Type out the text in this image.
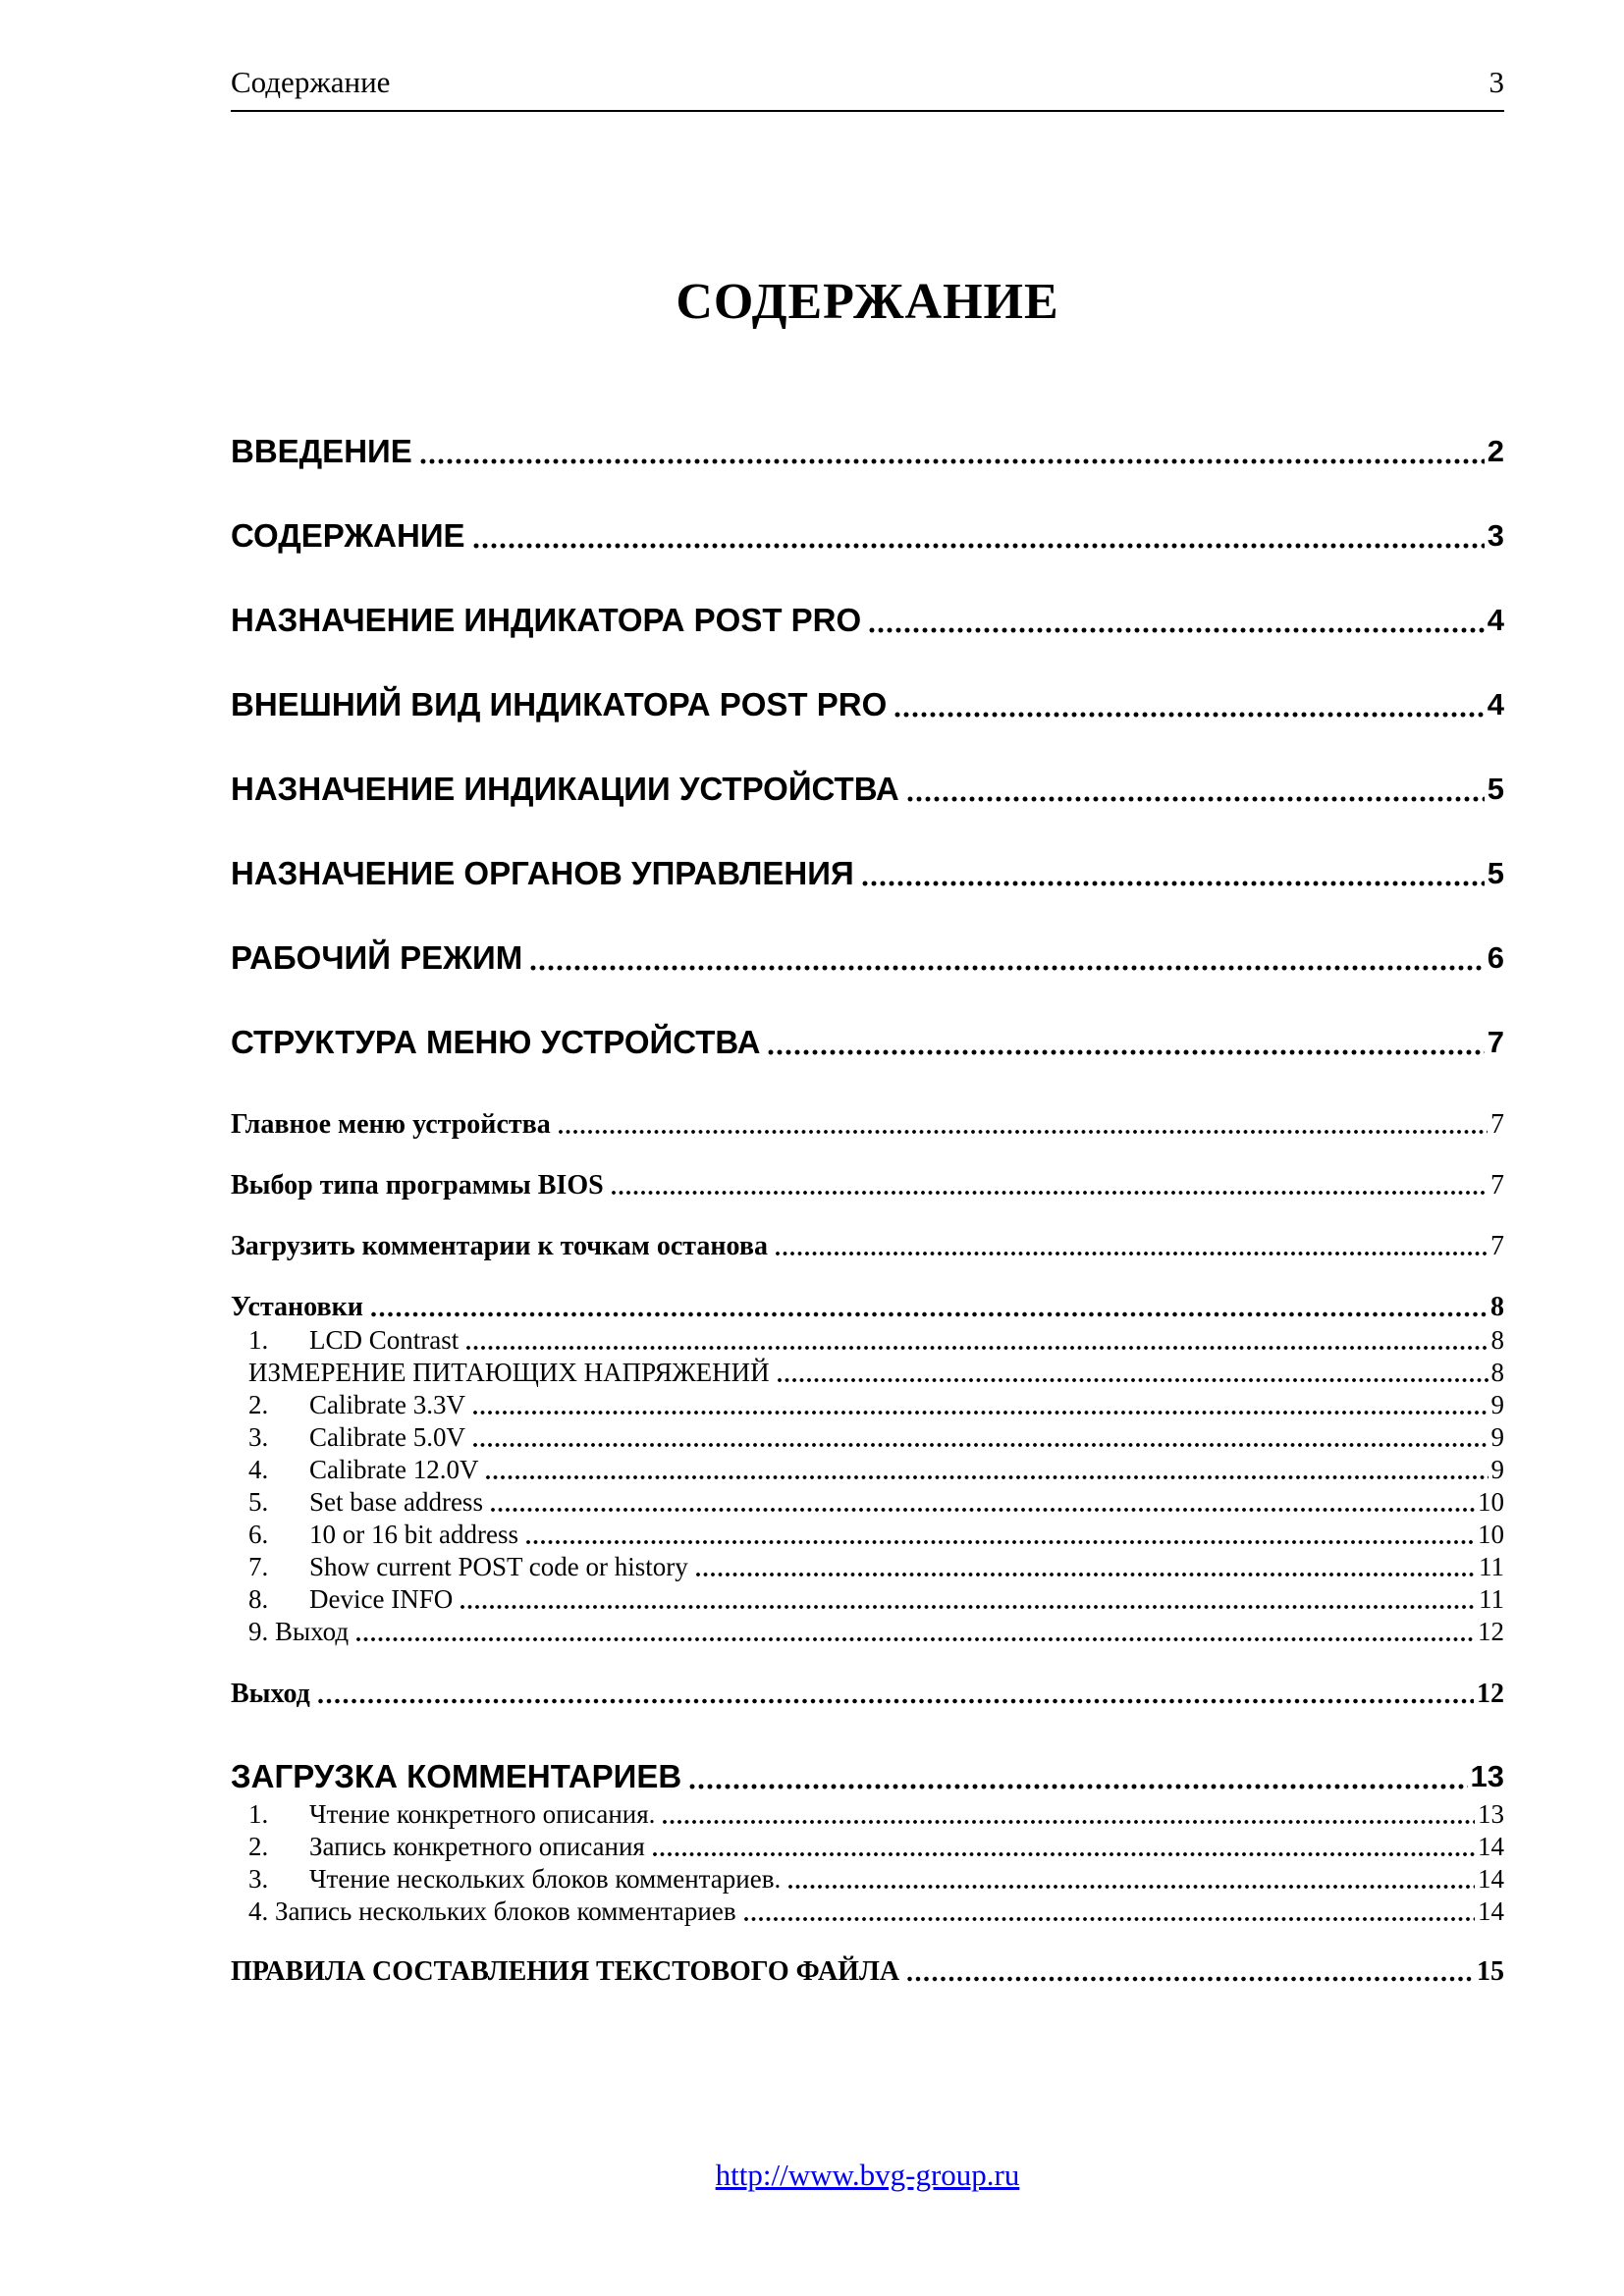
Содержание	3
СОДЕРЖАНИЕ
ВВЕДЕНИЕ	2
СОДЕРЖАНИЕ	3
НАЗНАЧЕНИЕ ИНДИКАТОРА POST PRO	4
ВНЕШНИЙ ВИД ИНДИКАТОРА POST PRO	4
НАЗНАЧЕНИЕ ИНДИКАЦИИ УСТРОЙСТВА	5
НАЗНАЧЕНИЕ ОРГАНОВ УПРАВЛЕНИЯ	5
РАБОЧИЙ РЕЖИМ	6
СТРУКТУРА МЕНЮ УСТРОЙСТВА	7
Главное меню устройства	7
Выбор типа программы BIOS	7
Загрузить комментарии к точкам останова	7
Установки	8
1.	LCD Contrast	8
ИЗМЕРЕНИЕ ПИТАЮЩИХ НАПРЯЖЕНИЙ	8
2.	Calibrate 3.3V	9
3.	Calibrate 5.0V	9
4.	Calibrate 12.0V	9
5.	Set base address	10
6.	10 or 16 bit address	10
7.	Show current POST code or history	11
8.	Device INFO	11
9. Выход	12
Выход	12
ЗАГРУЗКА КОММЕНТАРИЕВ	13
1.	Чтение конкретного описания.	13
2.	Запись конкретного описания	14
3.	Чтение нескольких блоков комментариев.	14
4. Запись нескольких блоков комментариев	14
ПРАВИЛА СОСТАВЛЕНИЯ ТЕКСТОВОГО ФАЙЛА	15
http://www.bvg-group.ru
